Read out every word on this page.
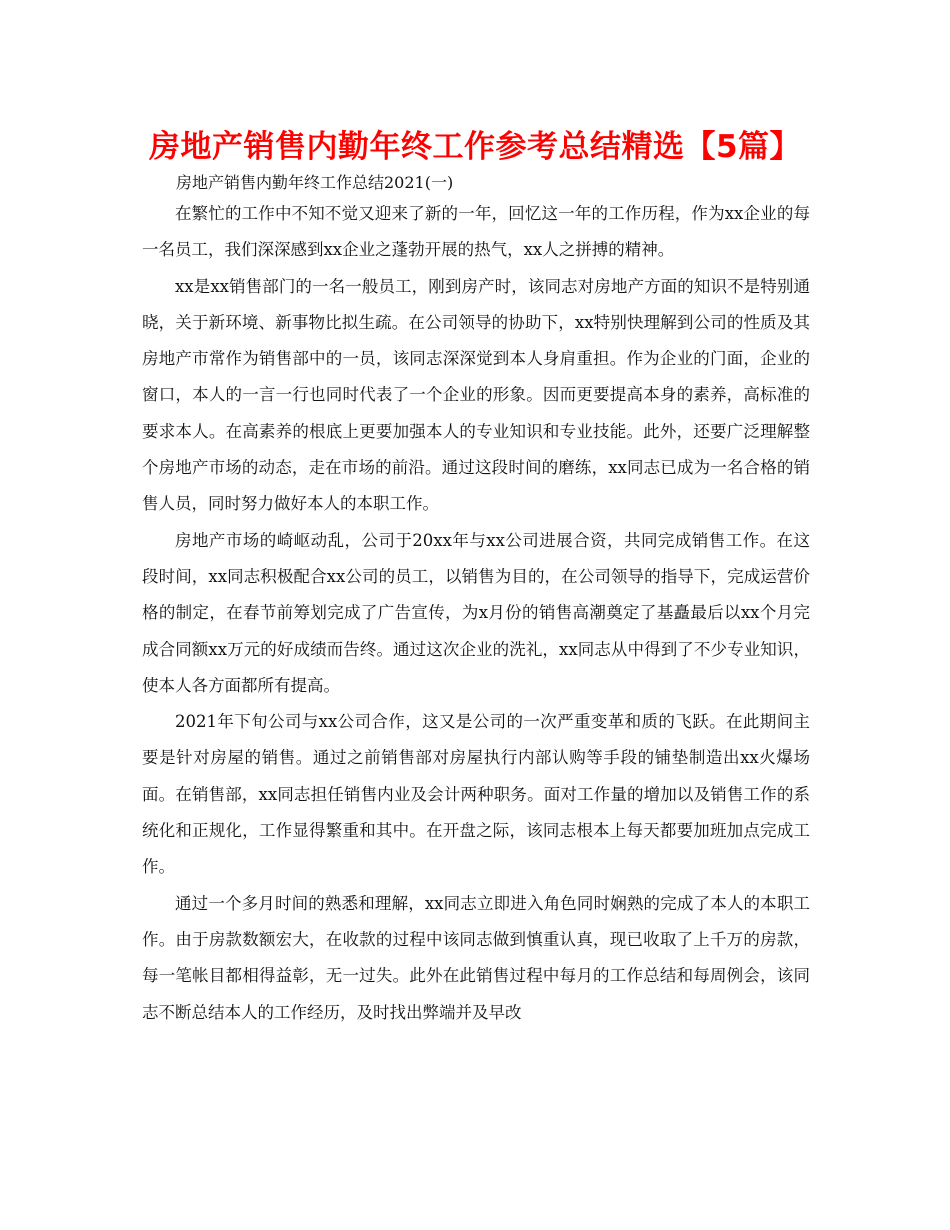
房地产销售内勤年终工作参考总结精选【5篇】
房地产销售内勤年终工作总结2021(一)

在繁忙的工作中不知不觉又迎来了新的一年，回忆这一年的工作历程，作为xx企业的每一名员工，我们深深感到xx企业之蓬勃开展的热气，xx人之拼搏的精神。

xx是xx销售部门的一名一般员工，刚到房产时，该同志对房地产方面的知识不是特别通晓，关于新环境、新事物比拟生疏。在公司领导的协助下，xx特别快理解到公司的性质及其房地产市常作为销售部中的一员，该同志深深觉到本人身肩重担。作为企业的门面，企业的窗口，本人的一言一行也同时代表了一个企业的形象。因而更要提高本身的素养，高标准的要求本人。在高素养的根底上更要加强本人的专业知识和专业技能。此外，还要广泛理解整个房地产市场的动态，走在市场的前沿。通过这段时间的磨练，xx同志已成为一名合格的销售人员，同时努力做好本人的本职工作。

房地产市场的崎岖动乱，公司于20xx年与xx公司进展合资，共同完成销售工作。在这段时间，xx同志积极配合xx公司的员工，以销售为目的，在公司领导的指导下，完成运营价格的制定，在春节前筹划完成了广告宣传，为x月份的销售高潮奠定了基矗最后以xx个月完成合同额xx万元的好成绩而告终。通过这次企业的洗礼，xx同志从中得到了不少专业知识，使本人各方面都所有提高。

2021年下旬公司与xx公司合作，这又是公司的一次严重变革和质的飞跃。在此期间主要是针对房屋的销售。通过之前销售部对房屋执行内部认购等手段的铺垫制造出xx火爆场面。在销售部，xx同志担任销售内业及会计两种职务。面对工作量的增加以及销售工作的系统化和正规化，工作显得繁重和其中。在开盘之际，该同志根本上每天都要加班加点完成工作。

通过一个多月时间的熟悉和理解，xx同志立即进入角色同时娴熟的完成了本人的本职工作。由于房款数额宏大，在收款的过程中该同志做到慎重认真，现已收取了上千万的房款，每一笔帐目都相得益彰，无一过失。此外在此销售过程中每月的工作总结和每周例会，该同志不断总结本人的工作经历，及时找出弊端并及早改
